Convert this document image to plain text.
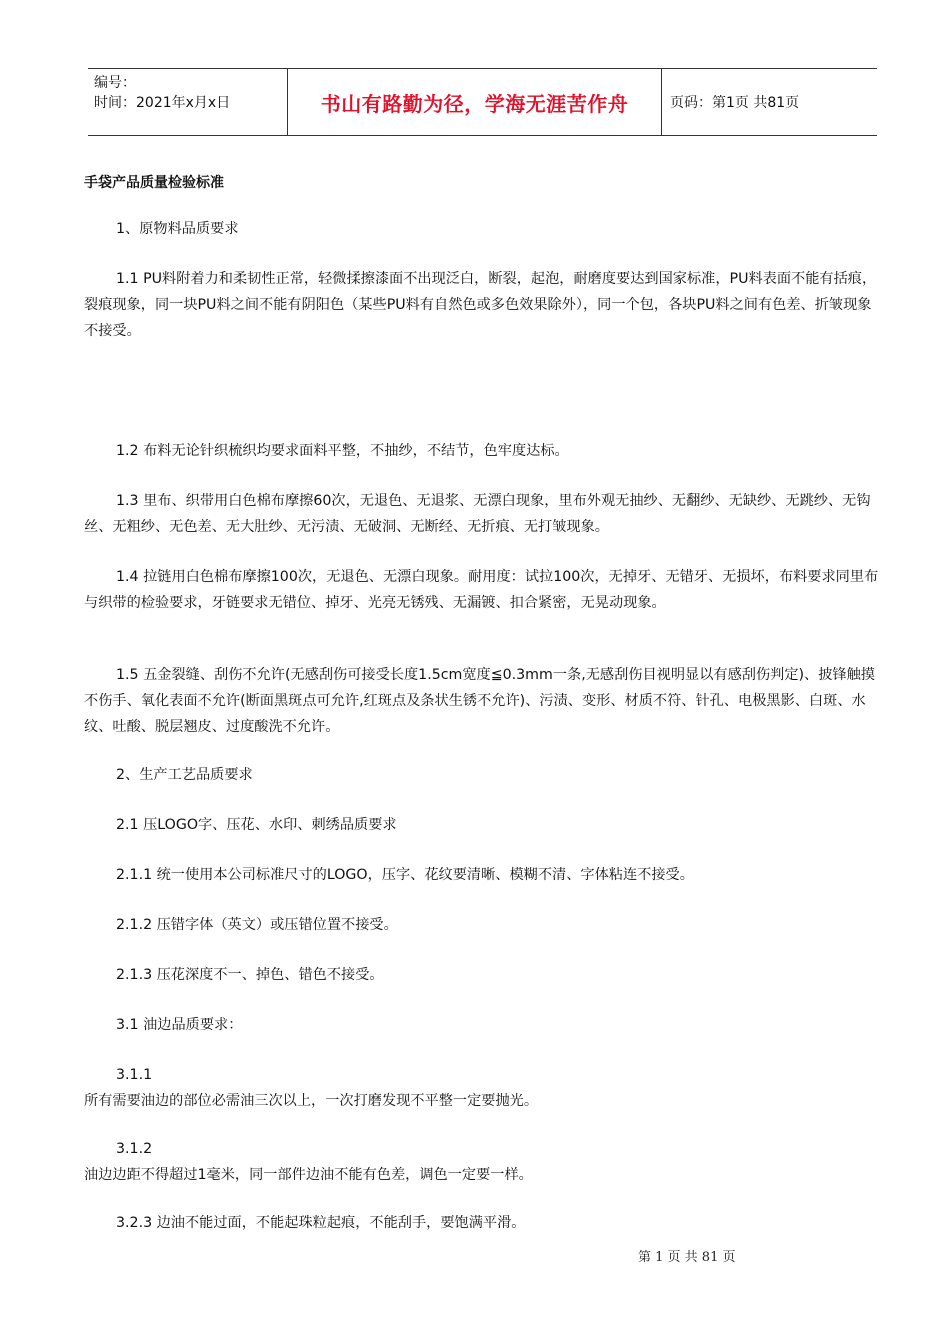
编号：
时间：2021年x月x日	书山有路勤为径，学海无涯苦作舟	页码：第1页 共81页

手袋产品质量检验标准

1、原物料品质要求

1.1 PU料附着力和柔韧性正常，轻微揉擦漆面不出现泛白，断裂，起泡，耐磨度要达到国家标准，PU料表面不能有括痕，裂痕现象，同一块PU料之间不能有阴阳色（某些PU料有自然色或多色效果除外），同一个包，各块PU料之间有色差、折皱现象不接受。

1.2 布料无论针织梳织均要求面料平整，不抽纱，不结节，色牢度达标。

1.3 里布、织带用白色棉布摩擦60次，无退色、无退浆、无漂白现象，里布外观无抽纱、无翻纱、无缺纱、无跳纱、无钩丝、无粗纱、无色差、无大肚纱、无污渍、无破洞、无断经、无折痕、无打皱现象。

1.4 拉链用白色棉布摩擦100次，无退色、无漂白现象。耐用度：试拉100次，无掉牙、无错牙、无损坏，布料要求同里布与织带的检验要求，牙链要求无错位、掉牙、光亮无锈残、无漏镀、扣合紧密，无晃动现象。

1.5 五金裂缝、刮伤不允许(无感刮伤可接受长度1.5cm宽度≦0.3mm一条,无感刮伤目视明显以有感刮伤判定)、披锋触摸不伤手、氧化表面不允许(断面黑斑点可允许,红斑点及条状生锈不允许)、污渍、变形、材质不符、针孔、电极黑影、白斑、水纹、吐酸、脱层翘皮、过度酸洗不允许。

2、生产工艺品质要求

2.1 压LOGO字、压花、水印、刺绣品质要求

2.1.1 统一使用本公司标准尺寸的LOGO，压字、花纹要清晰、模糊不清、字体粘连不接受。

2.1.2 压错字体（英文）或压错位置不接受。

2.1.3 压花深度不一、掉色、错色不接受。

3.1 油边品质要求：

3.1.1

所有需要油边的部位必需油三次以上，一次打磨发现不平整一定要抛光。

3.1.2

油边边距不得超过1毫米，同一部件边油不能有色差，调色一定要一样。

3.2.3 边油不能过面，不能起珠粒起痕，不能刮手，要饱满平滑。

第 1 页 共 81 页
